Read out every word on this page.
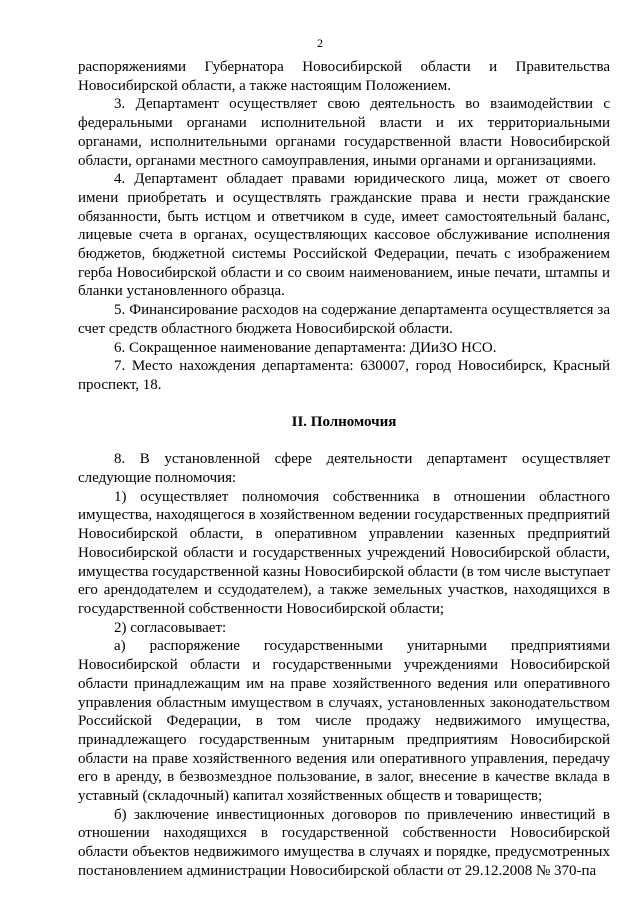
2

распоряжениями Губернатора Новосибирской области и Правительства Новосибирской области, а также настоящим Положением.

3. Департамент осуществляет свою деятельность во взаимодействии с федеральными органами исполнительной власти и их территориальными органами, исполнительными органами государственной власти Новосибирской области, органами местного самоуправления, иными органами и организациями.

4. Департамент обладает правами юридического лица, может от своего имени приобретать и осуществлять гражданские права и нести гражданские обязанности, быть истцом и ответчиком в суде, имеет самостоятельный баланс, лицевые счета в органах, осуществляющих кассовое обслуживание исполнения бюджетов, бюджетной системы Российской Федерации, печать с изображением герба Новосибирской области и со своим наименованием, иные печати, штампы и бланки установленного образца.

5. Финансирование расходов на содержание департамента осуществляется за счет средств областного бюджета Новосибирской области.

6. Сокращенное наименование департамента: ДИиЗО НСО.

7. Место нахождения департамента: 630007, город Новосибирск, Красный проспект, 18.

II. Полномочия

8. В установленной сфере деятельности департамент осуществляет следующие полномочия:

1) осуществляет полномочия собственника в отношении областного имущества, находящегося в хозяйственном ведении государственных предприятий Новосибирской области, в оперативном управлении казенных предприятий Новосибирской области и государственных учреждений Новосибирской области, имущества государственной казны Новосибирской области (в том числе выступает его арендодателем и ссудодателем), а также земельных участков, находящихся в государственной собственности Новосибирской области;

2) согласовывает:

а) распоряжение государственными унитарными предприятиями Новосибирской области и государственными учреждениями Новосибирской области принадлежащим им на праве хозяйственного ведения или оперативного управления областным имуществом в случаях, установленных законодательством Российской Федерации, в том числе продажу недвижимого имущества, принадлежащего государственным унитарным предприятиям Новосибирской области на праве хозяйственного ведения или оперативного управления, передачу его в аренду, в безвозмездное пользование, в залог, внесение в качестве вклада в уставный (складочный) капитал хозяйственных обществ и товариществ;

б) заключение инвестиционных договоров по привлечению инвестиций в отношении находящихся в государственной собственности Новосибирской области объектов недвижимого имущества в случаях и порядке, предусмотренных постановлением администрации Новосибирской области от 29.12.2008 № 370-па
